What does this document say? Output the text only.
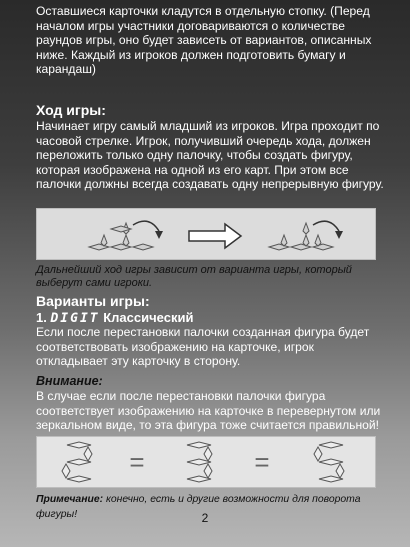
Оставшиеся карточки кладутся в отдельную стопку. (Перед началом игры участники договариваются о количестве раундов игры, оно будет зависеть от вариантов, описанных ниже. Каждый из игроков должен подготовить бумагу и карандаш)

Ход игры:

Начинает игру самый младший из игроков. Игра проходит по часовой стрелке. Игрок, получивший очередь хода, должен переложить только одну палочку, чтобы создать фигуру, которая изображена на одной из его карт. При этом все палочки должны всегда создавать одну непрерывную фигуру.

Дальнейший ход игры зависит от варианта игры, который выберут сами игроки.

Варианты игры:

1. DIGIT Классический

Если после перестановки палочки созданная фигура будет соответствовать изображению на карточке, игрок откладывает эту карточку в сторону.

Внимание:

В случае если после перестановки палочки фигура соответствует изображению на карточке в перевернутом или зеркальном виде, то эта фигура тоже считается правильной!

=	=

Примечание: конечно, есть и другие возможности для поворота фигуры!	2
